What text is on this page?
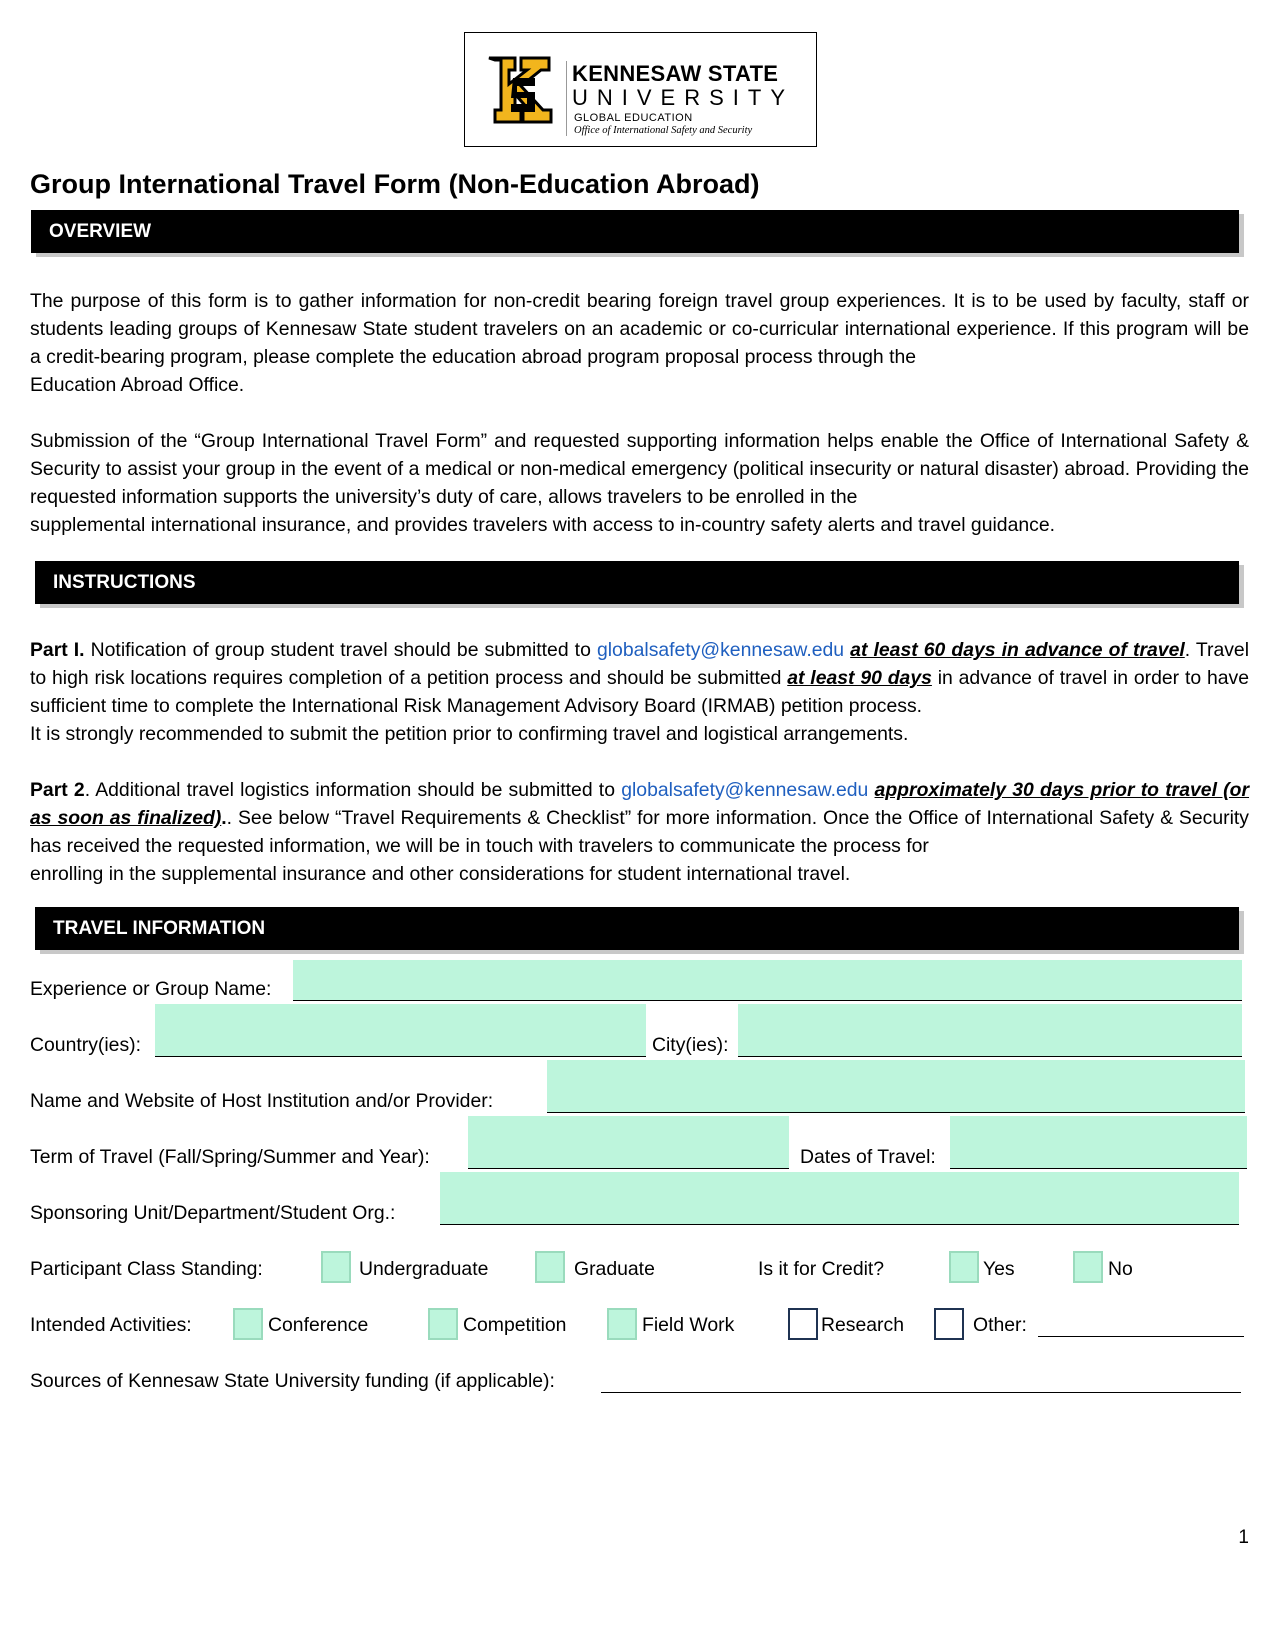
KENNESAW STATE
UNIVERSITY
GLOBAL EDUCATION
Office of International Safety and Security
Group International Travel Form (Non-Education Abroad)
OVERVIEW
The purpose of this form is to gather information for non-credit bearing foreign travel group experiences. It is to be used by faculty, staff or students leading groups of Kennesaw State student travelers on an academic or co-curricular international experience. If this program will be a credit-bearing program, please complete the education abroad program proposal process through the
Education Abroad Office.
Submission of the “Group International Travel Form” and requested supporting information helps enable the Office of International Safety & Security to assist your group in the event of a medical or non-medical emergency (political insecurity or natural disaster) abroad. Providing the requested information supports the university’s duty of care, allows travelers to be enrolled in the
supplemental international insurance, and provides travelers with access to in-country safety alerts and travel guidance.
INSTRUCTIONS
Part I. Notification of group student travel should be submitted to globalsafety@kennesaw.edu at least 60 days in advance of travel. Travel to high risk locations requires completion of a petition process and should be submitted at least 90 days in advance of travel in order to have sufficient time to complete the International Risk Management Advisory Board (IRMAB) petition process.
It is strongly recommended to submit the petition prior to confirming travel and logistical arrangements.
Part 2. Additional travel logistics information should be submitted to globalsafety@kennesaw.edu approximately 30 days prior to travel (or as soon as finalized).. See below “Travel Requirements & Checklist” for more information. Once the Office of International Safety & Security has received the requested information, we will be in touch with travelers to communicate the process for
enrolling in the supplemental insurance and other considerations for student international travel.
TRAVEL INFORMATION
Experience or Group Name:
Country(ies):	City(ies):
Name and Website of Host Institution and/or Provider:
Term of Travel (Fall/Spring/Summer and Year):	Dates of Travel:
Sponsoring Unit/Department/Student Org.:
Participant Class Standing:	Undergraduate	Graduate	Is it for Credit?	Yes	No
Intended Activities:	Conference	Competition	Field Work	Research	Other:
Sources of Kennesaw State University funding (if applicable):
1
